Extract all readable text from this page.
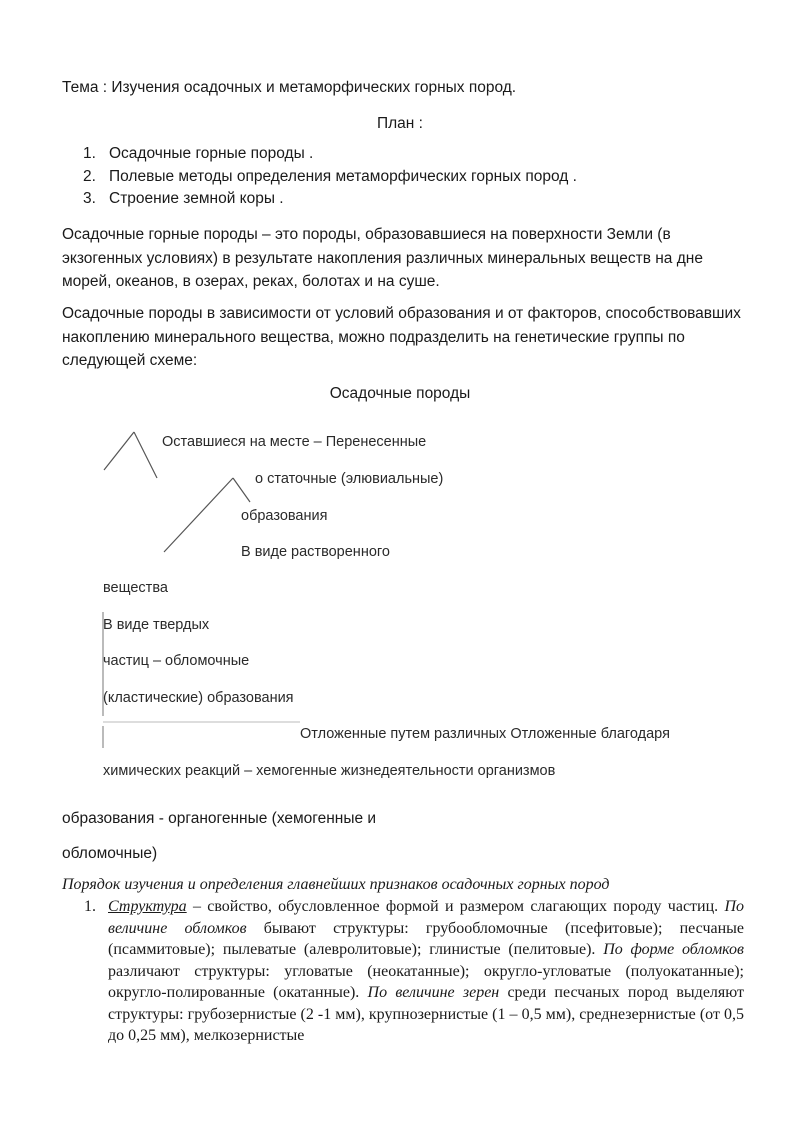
Тема : Изучения осадочных и метаморфических горных пород.
План :
1. Осадочные горные породы .
2. Полевые методы определения метаморфических горных пород .
3. Строение земной коры .
Осадочные горные породы – это породы, образовавшиеся на поверхности Земли (в экзогенных условиях) в результате накопления различных минеральных веществ на дне морей, океанов, в озерах, реках, болотах и на суше.
Осадочные породы в зависимости от условий образования и от факторов, способствовавших накоплению минерального вещества, можно подразделить на генетические группы по следующей схеме:
Осадочные породы
Оставшиеся на месте – Перенесенные
о статочные (элювиальные)
образования
В виде растворенного
вещества
В виде твердых
частиц – обломочные
(кластические) образования
Отложенные путем различных Отложенные благодаря
химических реакций – хемогенные жизнедеятельности организмов
образования - органогенные (хемогенные и
обломочные)
Порядок изучения и определения главнейших признаков осадочных горных пород
1. Структура – свойство, обусловленное формой и размером слагающих породу частиц. По величине обломков бывают структуры: грубообломочные (псефитовые); песчаные (псаммитовые); пылеватые (алевролитовые); глинистые (пелитовые). По форме обломков различают структуры: угловатые (неокатанные); округло-угловатые (полуокатанные); округло-полированные (окатанные). По величине зерен среди песчаных пород выделяют структуры: грубозернистые (2 -1 мм), крупнозернистые (1 – 0,5 мм), среднезернистые (от 0,5 до 0,25 мм), мелкозернистые
